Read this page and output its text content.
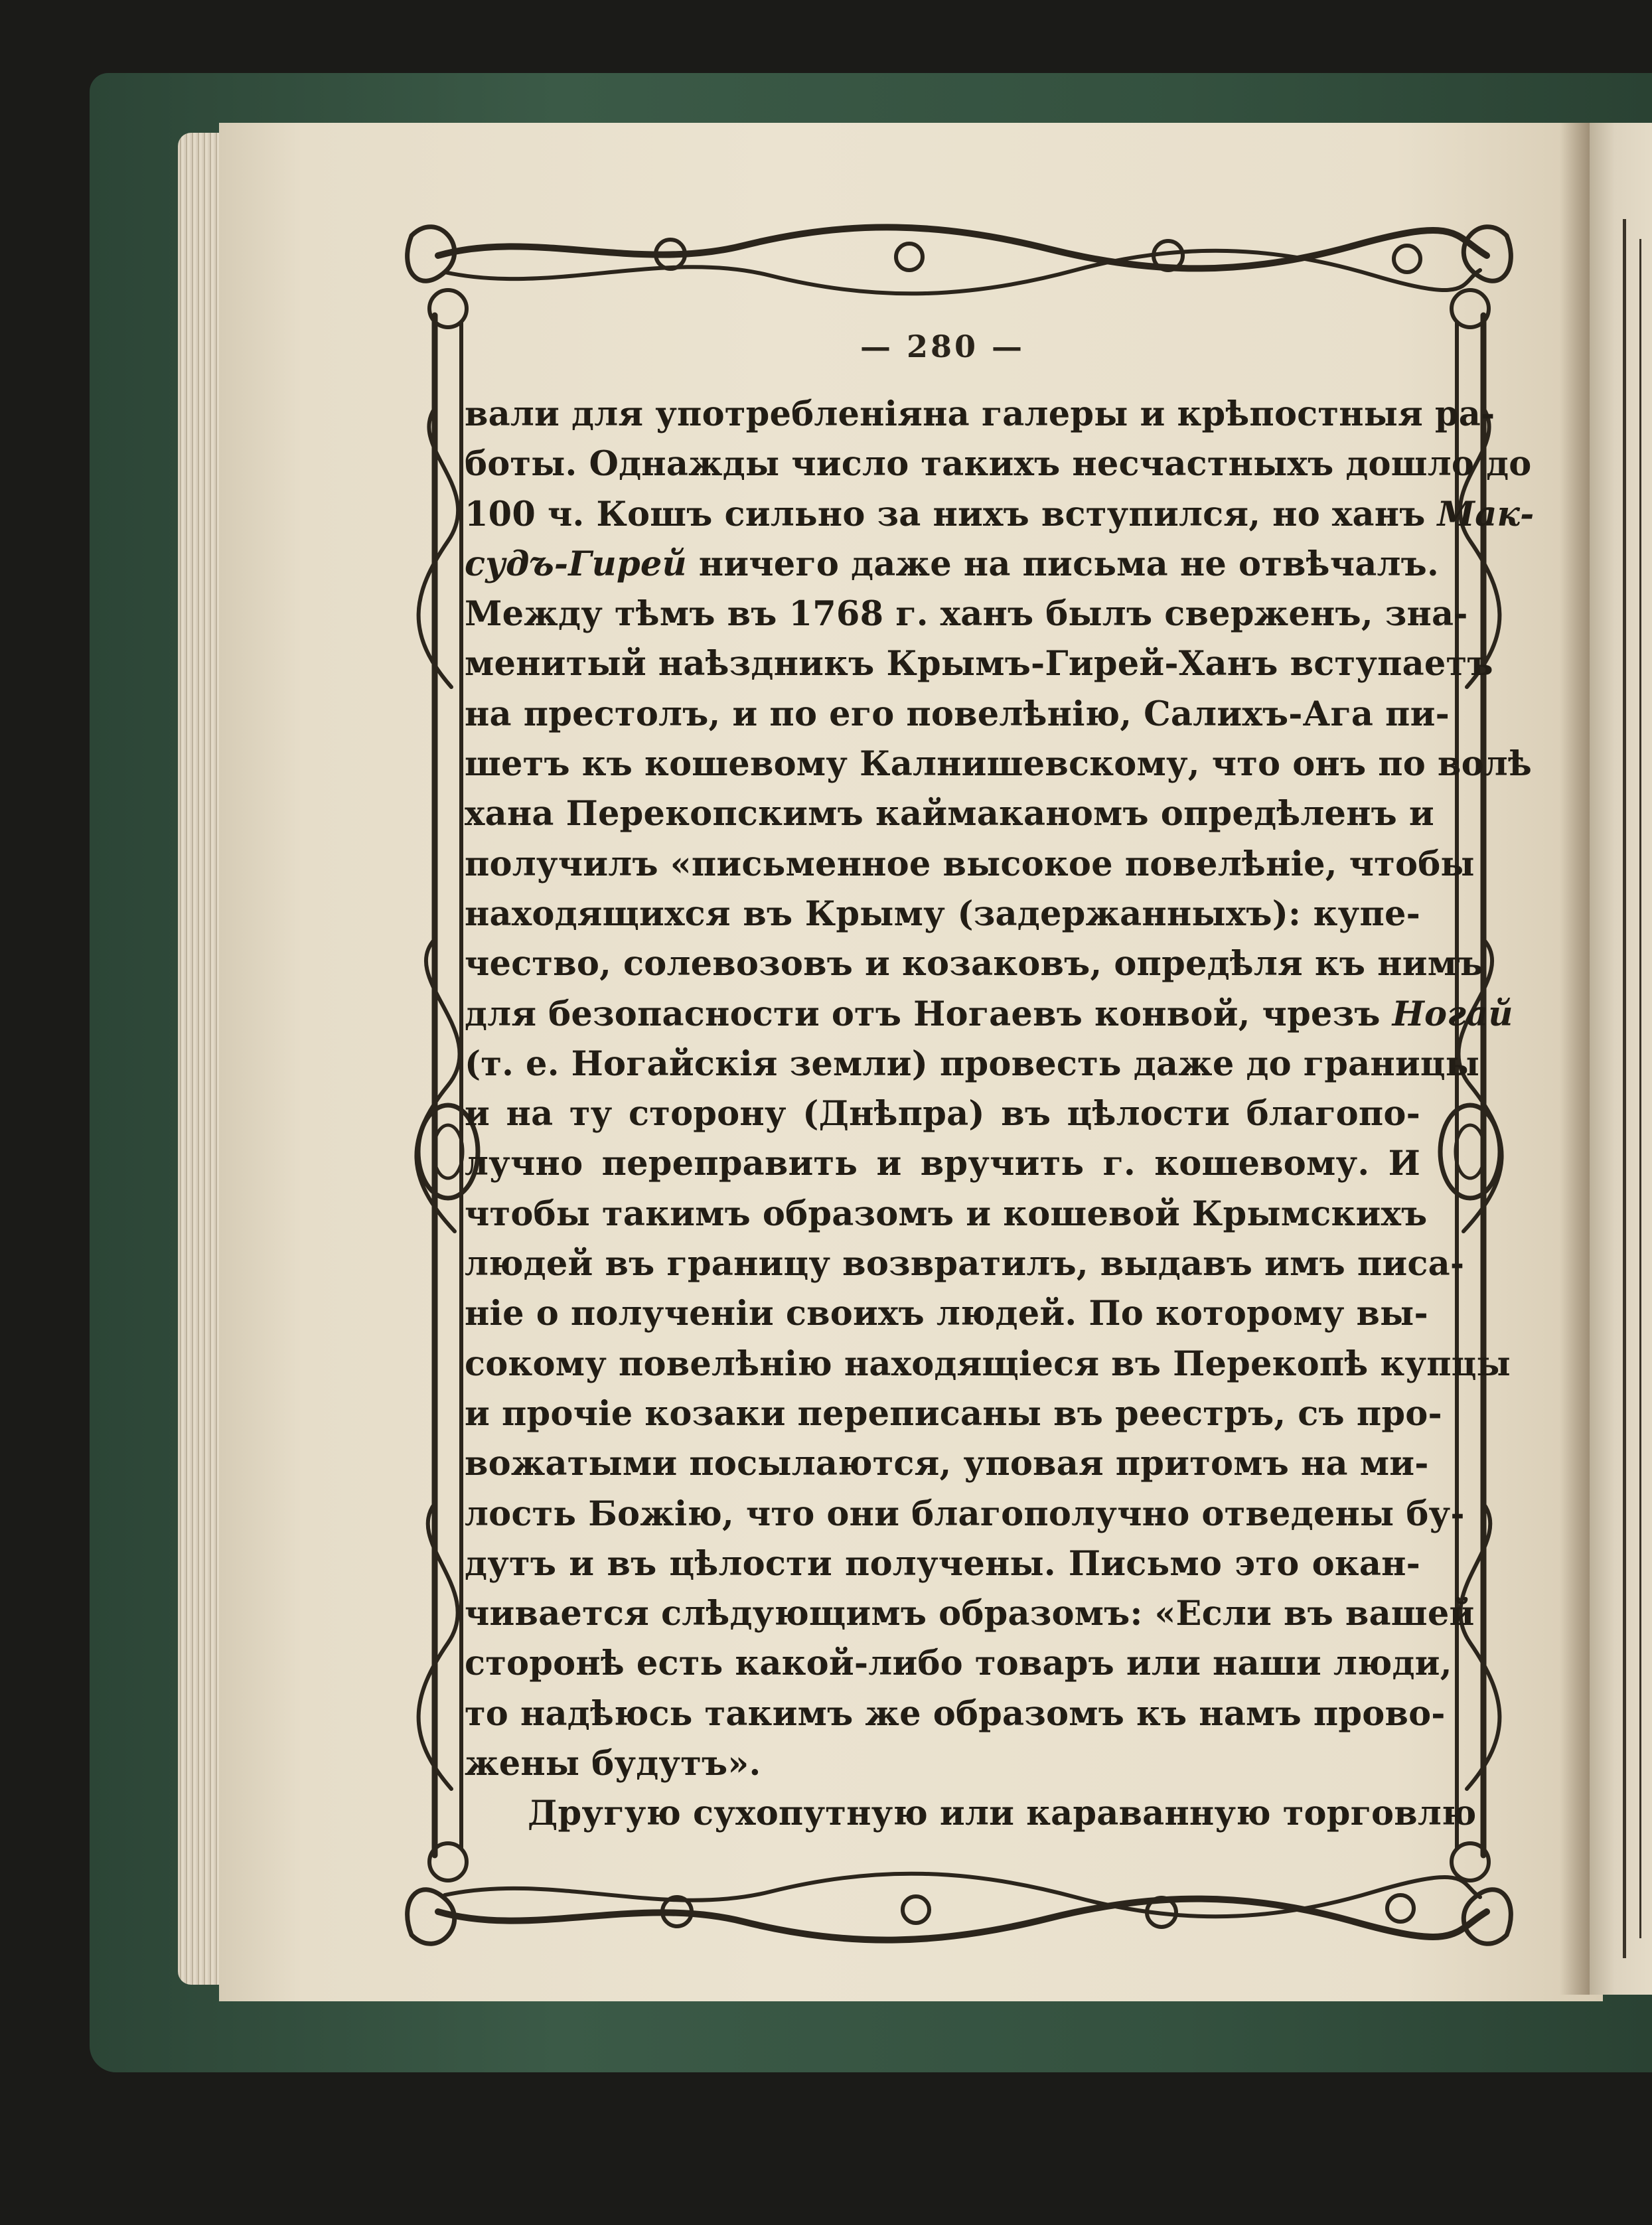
— 280 —
вали для употребленіяна галеры и крѣпостныя ра-
боты. Однажды число такихъ несчастныхъ дошло до
100 ч. Кошъ сильно за нихъ вступился, но ханъ Мак-
судъ-Гирей ничего даже на письма не отвѣчалъ.
Между тѣмъ въ 1768 г. ханъ былъ сверженъ, зна-
менитый наѣздникъ Крымъ-Гирей-Ханъ вступаетъ
на престолъ, и по его повелѣнію, Салихъ-Ага пи-
шетъ къ кошевому Калнишевскому, что онъ по волѣ
хана Перекопскимъ каймаканомъ опредѣленъ и
получилъ «письменное высокое повелѣніе, чтобы
находящихся въ Крыму (задержанныхъ): купе-
чество, солевозовъ и козаковъ, опредѣля къ нимъ
для безопасности отъ Ногаевъ конвой, чрезъ Ногай
(т. е. Ногайскія земли) провесть даже до границы
и на ту сторону (Днѣпра) въ цѣлости благопо-
лучно переправить и вручить г. кошевому. И
чтобы такимъ образомъ и кошевой Крымскихъ
людей въ границу возвратилъ, выдавъ имъ писа-
ніе о полученіи своихъ людей. По которому вы-
сокому повелѣнію находящіеся въ Перекопѣ купцы
и прочіе козаки переписаны въ реестръ, съ про-
вожатыми посылаются, уповая притомъ на ми-
лость Божію, что они благополучно отведены бу-
дутъ и въ цѣлости получены. Письмо это окан-
чивается слѣдующимъ образомъ: «Если въ вашей
сторонѣ есть какой-либо товаръ или наши люди,
то надѣюсь такимъ же образомъ къ намъ прово-
жены будутъ».
Другую сухопутную или караванную торговлю
